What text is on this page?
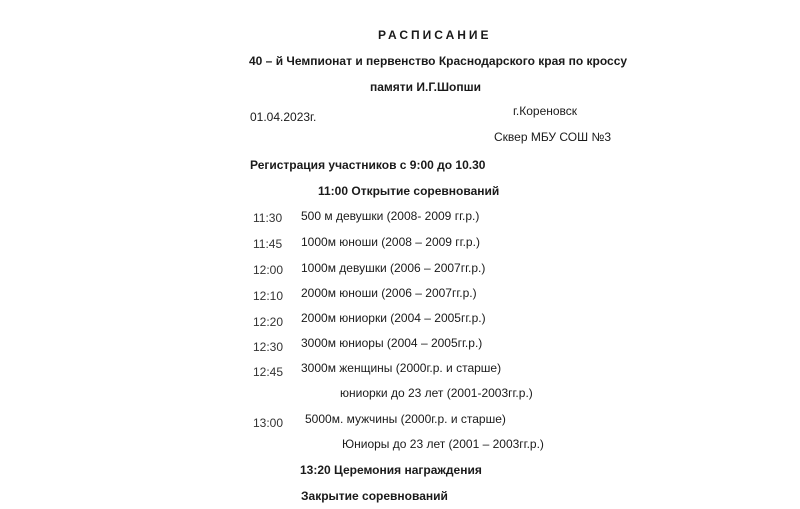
РАСПИСАНИЕ
40 – й Чемпионат и первенство Краснодарского края по кроссу
памяти И.Г.Шопши
01.04.2023г.	г.Кореновск
Сквер МБУ СОШ №3
Регистрация участников с 9:00 до 10.30
11:00 Открытие соревнований
11:30 500 м девушки (2008- 2009 гг.р.)
11:45 1000м юноши (2008 – 2009 гг.р.)
12:00 1000м девушки (2006 – 2007гг.р.)
12:10 2000м юноши (2006 – 2007гг.р.)
12:20 2000м юниорки (2004 – 2005гг.р.)
12:30 3000м юниоры (2004 – 2005гг.р.)
12:45 3000м женщины (2000г.р. и старше)
юниорки до 23 лет (2001-2003гг.р.)
13:00 5000м. мужчины (2000г.р. и старше)
Юниоры до 23 лет (2001 – 2003гг.р.)
13:20 Церемония награждения
Закрытие соревнований
